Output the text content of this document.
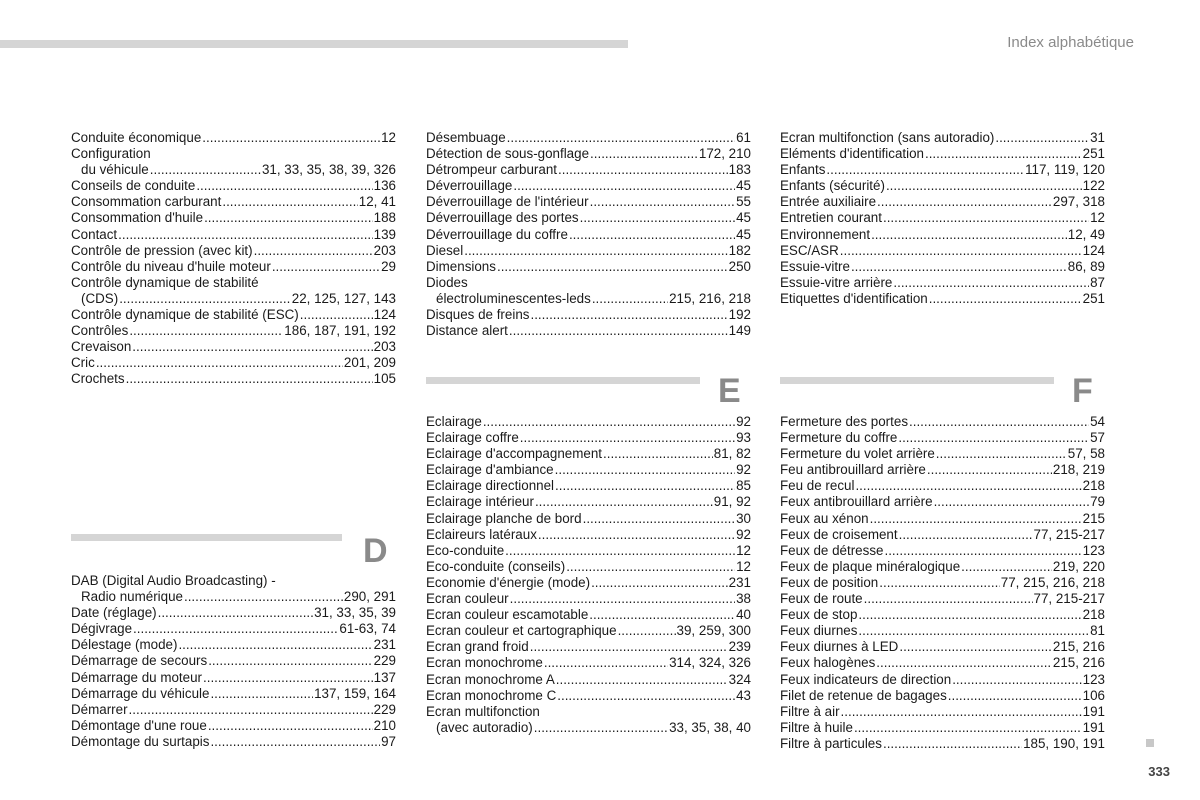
Index alphabétique
Conduite économique .....	12
Configuration
du véhicule .....	31, 33, 35, 38, 39, 326
Conseils de conduite .....	136
Consommation carburant .....	12, 41
Consommation d'huile .....	188
Contact .....	139
Contrôle de pression (avec kit) .....	203
Contrôle du niveau d'huile moteur .....	29
Contrôle dynamique de stabilité
(CDS) .....	22, 125, 127, 143
Contrôle dynamique de stabilité (ESC) .....	124
Contrôles .....	186, 187, 191, 192
Crevaison .....	203
Cric .....	201, 209
Crochets .....	105
D
DAB (Digital Audio Broadcasting) -
Radio numérique .....	290, 291
Date (réglage) .....	31, 33, 35, 39
Dégivrage .....	61-63, 74
Délestage (mode) .....	231
Démarrage de secours .....	229
Démarrage du moteur .....	137
Démarrage du véhicule .....	137, 159, 164
Démarrer .....	229
Démontage d'une roue .....	210
Démontage du surtapis .....	97
Désembuage .....	61
Détection de sous-gonflage .....	172, 210
Détrompeur carburant .....	183
Déverrouillage .....	45
Déverrouillage de l'intérieur .....	55
Déverrouillage des portes .....	45
Déverrouillage du coffre .....	45
Diesel .....	182
Dimensions .....	250
Diodes
électroluminescentes-leds .....	215, 216, 218
Disques de freins .....	192
Distance alert .....	149
E
Eclairage .....	92
Eclairage coffre .....	93
Eclairage d'accompagnement .....	81, 82
Eclairage d'ambiance .....	92
Eclairage directionnel .....	85
Eclairage intérieur .....	91, 92
Eclairage planche de bord .....	30
Eclaireurs latéraux .....	92
Eco-conduite .....	12
Eco-conduite (conseils) .....	12
Economie d'énergie (mode) .....	231
Ecran couleur .....	38
Ecran couleur escamotable .....	40
Ecran couleur et cartographique .....	39, 259, 300
Ecran grand froid .....	239
Ecran monochrome .....	314, 324, 326
Ecran monochrome A .....	324
Ecran monochrome C .....	43
Ecran multifonction
(avec autoradio) .....	33, 35, 38, 40
Ecran multifonction (sans autoradio) .....	31
Eléments d'identification .....	251
Enfants .....	117, 119, 120
Enfants (sécurité) .....	122
Entrée auxiliaire .....	297, 318
Entretien courant .....	12
Environnement .....	12, 49
ESC/ASR .....	124
Essuie-vitre .....	86, 89
Essuie-vitre arrière .....	87
Etiquettes d'identification .....	251
F
Fermeture des portes .....	54
Fermeture du coffre .....	57
Fermeture du volet arrière .....	57, 58
Feu antibrouillard arrière .....	218, 219
Feu de recul .....	218
Feux antibrouillard arrière .....	79
Feux au xénon .....	215
Feux de croisement .....	77, 215-217
Feux de détresse .....	123
Feux de plaque minéralogique .....	219, 220
Feux de position .....	77, 215, 216, 218
Feux de route .....	77, 215-217
Feux de stop .....	218
Feux diurnes .....	81
Feux diurnes à LED .....	215, 216
Feux halogènes .....	215, 216
Feux indicateurs de direction .....	123
Filet de retenue de bagages .....	106
Filtre à air .....	191
Filtre à huile .....	191
Filtre à particules .....	185, 190, 191
333
